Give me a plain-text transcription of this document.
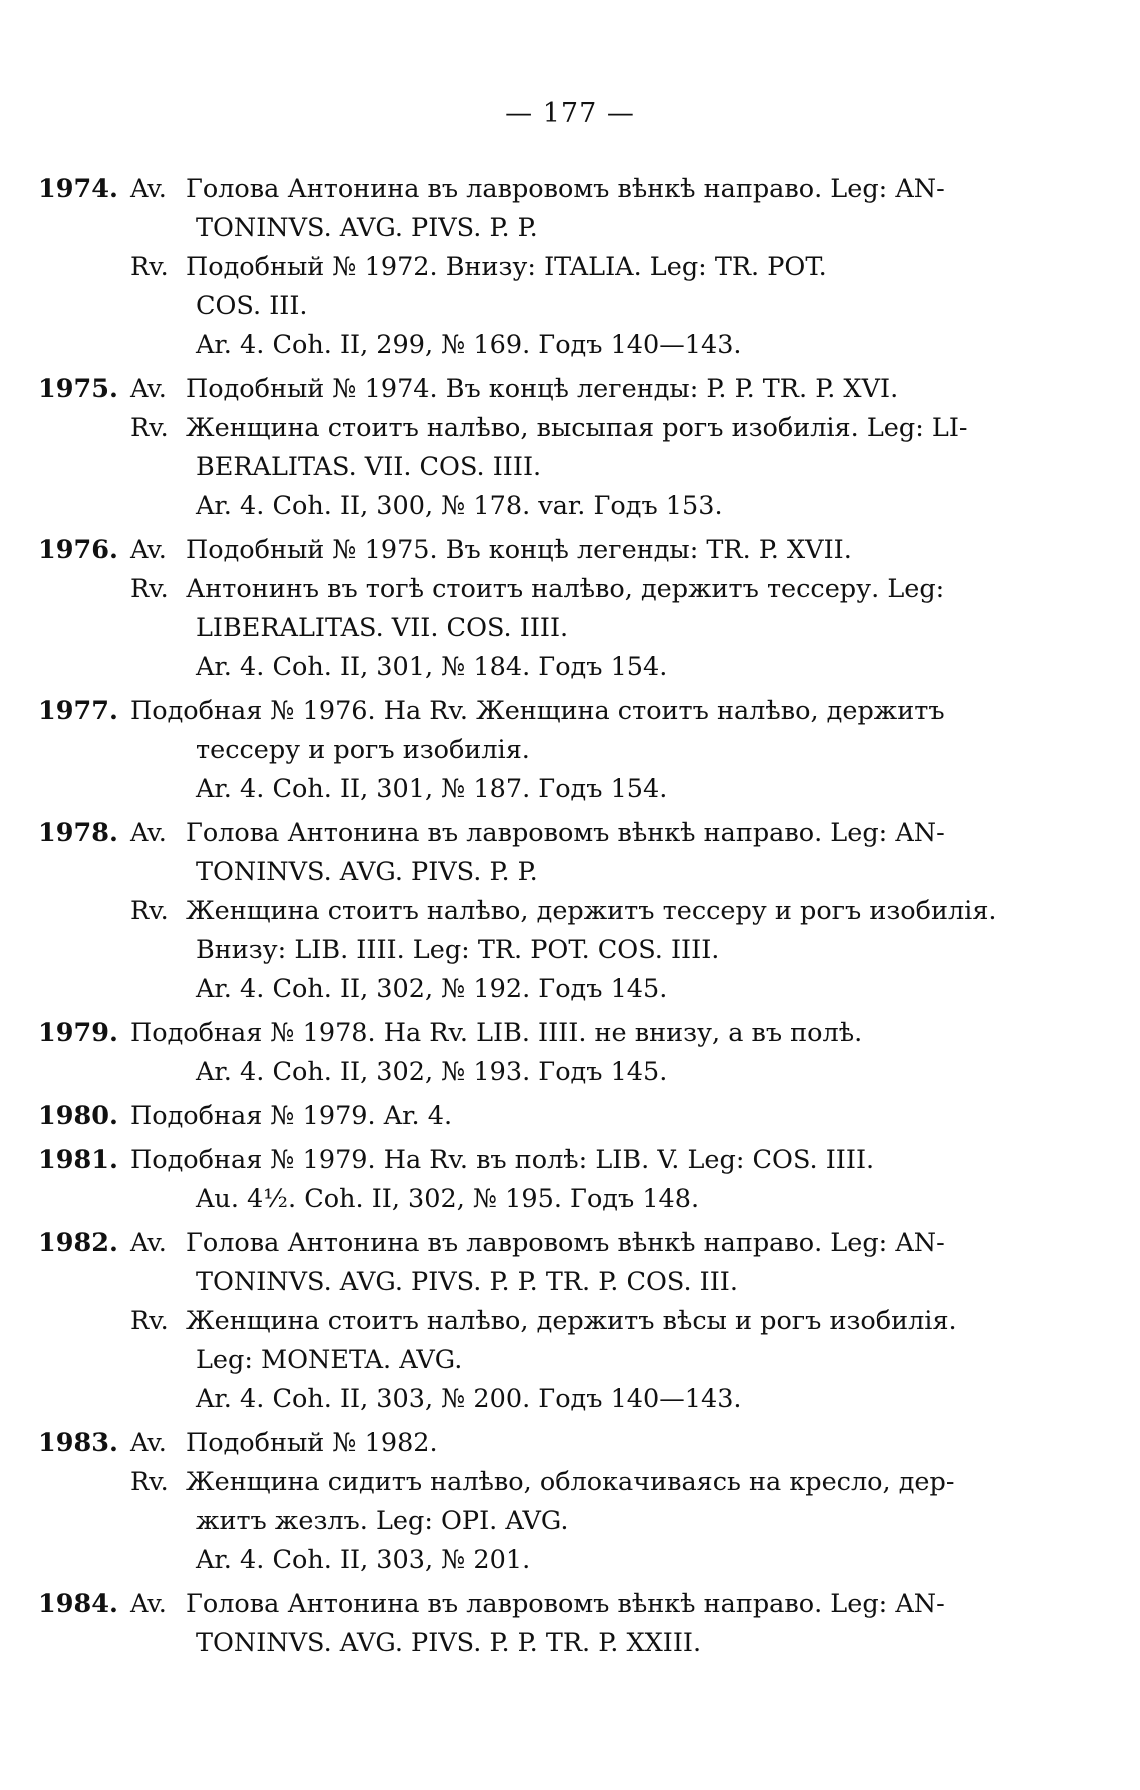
— 177 —
1974. Av. Голова Антонина въ лавровомъ вѣнкѣ направо. Leg: AN-
TONINVS. AVG. PIVS. P. P.
Rv. Подобный № 1972. Внизу: ITALIA. Leg: TR. POT.
COS. III.
Ar. 4. Coh. II, 299, № 169. Годъ 140—143.
1975. Av. Подобный № 1974. Въ концѣ легенды: P. P. TR. P. XVI.
Rv. Женщина стоитъ налѣво, высыпая рогъ изобилія. Leg: LI-
BERALITAS. VII. COS. IIII.
Ar. 4. Coh. II, 300, № 178. var. Годъ 153.
1976. Av. Подобный № 1975. Въ концѣ легенды: TR. P. XVII.
Rv. Антонинъ въ тогѣ стоитъ налѣво, держитъ тессеру. Leg:
LIBERALITAS. VII. COS. IIII.
Ar. 4. Coh. II, 301, № 184. Годъ 154.
1977. Подобная № 1976. На Rv. Женщина стоитъ налѣво, держитъ
тессеру и рогъ изобилія.
Ar. 4. Coh. II, 301, № 187. Годъ 154.
1978. Av. Голова Антонина въ лавровомъ вѣнкѣ направо. Leg: AN-
TONINVS. AVG. PIVS. P. P.
Rv. Женщина стоитъ налѣво, держитъ тессеру и рогъ изобилія.
Внизу: LIB. IIII. Leg: TR. POT. COS. IIII.
Ar. 4. Coh. II, 302, № 192. Годъ 145.
1979. Подобная № 1978. На Rv. LIB. IIII. не внизу, а въ полѣ.
Ar. 4. Coh. II, 302, № 193. Годъ 145.
1980. Подобная № 1979. Ar. 4.
1981. Подобная № 1979. На Rv. въ полѣ: LIB. V. Leg: COS. IIII.
Au. 4½. Coh. II, 302, № 195. Годъ 148.
1982. Av. Голова Антонина въ лавровомъ вѣнкѣ направо. Leg: AN-
TONINVS. AVG. PIVS. P. P. TR. P. COS. III.
Rv. Женщина стоитъ налѣво, держитъ вѣсы и рогъ изобилія.
Leg: MONETA. AVG.
Ar. 4. Coh. II, 303, № 200. Годъ 140—143.
1983. Av. Подобный № 1982.
Rv. Женщина сидитъ налѣво, облокачиваясь на кресло, дер-
житъ жезлъ. Leg: OPI. AVG.
Ar. 4. Coh. II, 303, № 201.
1984. Av. Голова Антонина въ лавровомъ вѣнкѣ направо. Leg: AN-
TONINVS. AVG. PIVS. P. P. TR. P. XXIII.
